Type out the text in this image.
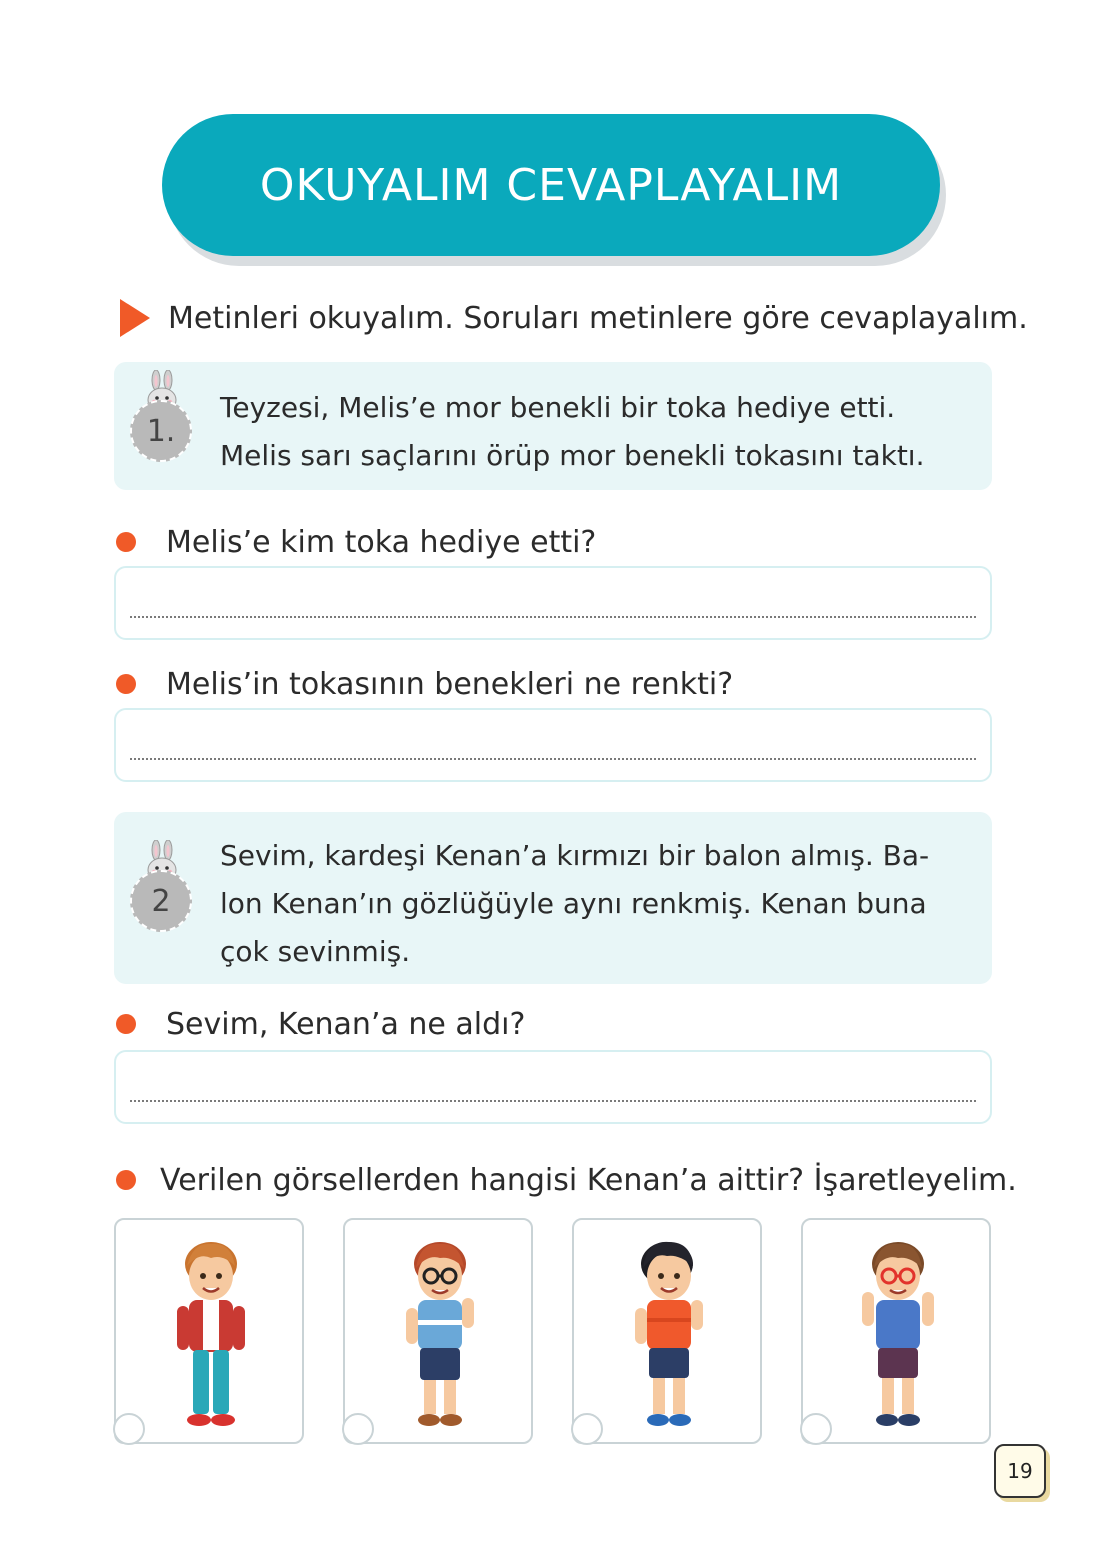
OKUYALIM CEVAPLAYALIM
Metinleri okuyalım. Soruları metinlere göre cevaplayalım.
1.
Teyzesi, Melis’e mor benekli bir toka hediye etti.
Melis sarı saçlarını örüp mor benekli tokasını taktı.
Melis’e kim toka hediye etti?
Melis’in tokasının benekleri ne renkti?
2
Sevim, kardeşi Kenan’a kırmızı bir balon almış. Ba-
lon Kenan’ın gözlüğüyle aynı renkmiş. Kenan buna
çok sevinmiş.
Sevim, Kenan’a ne aldı?
Verilen görsellerden hangisi Kenan’a aittir? İşaretleyelim.
19
